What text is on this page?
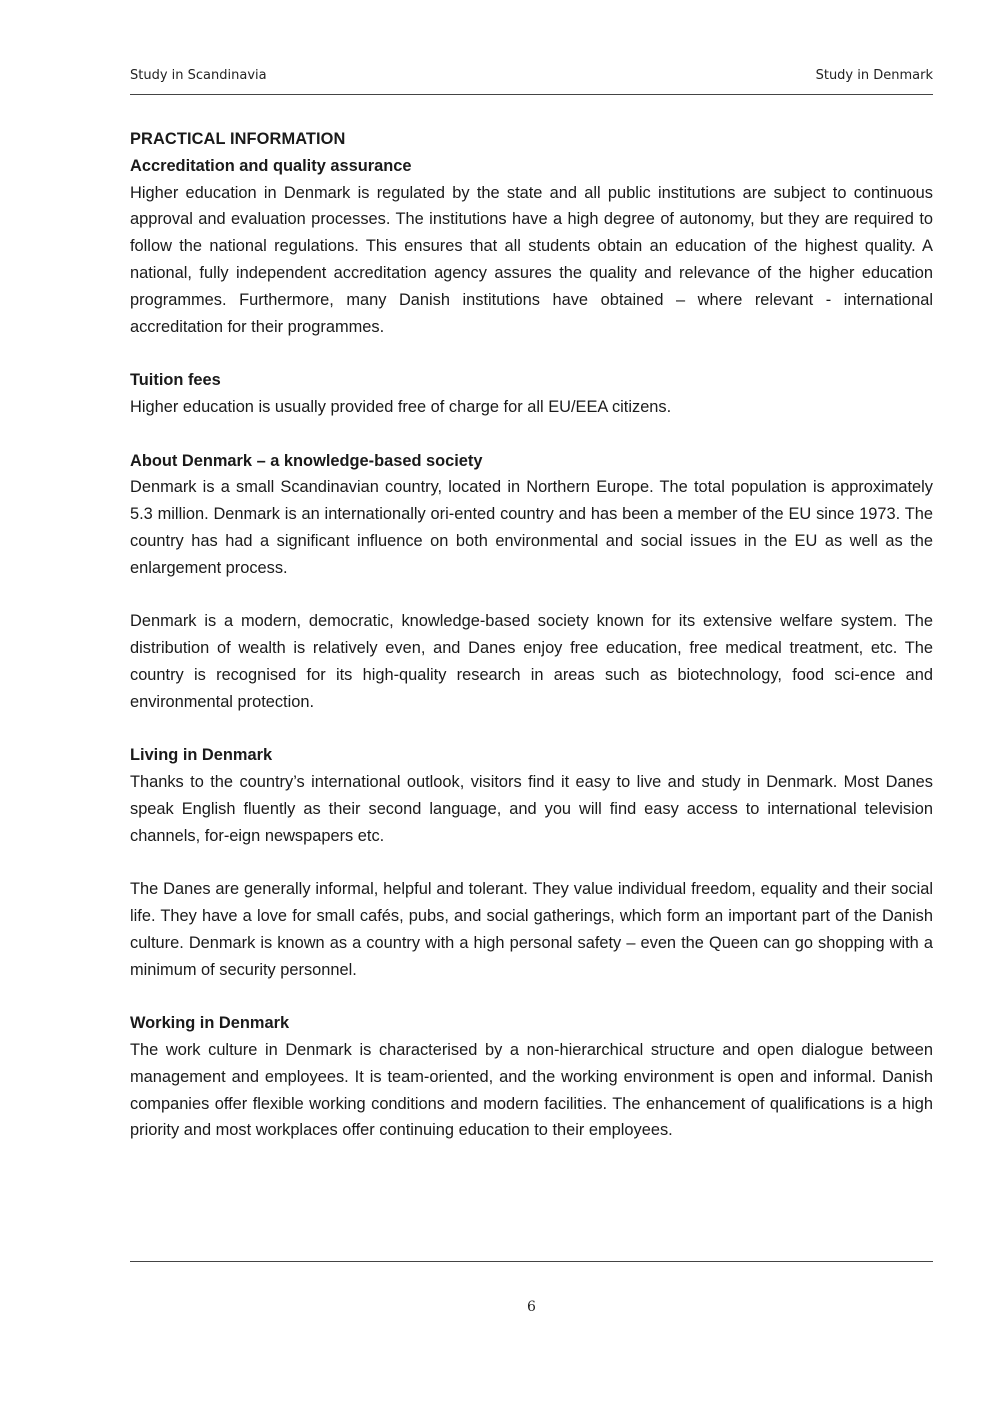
Study in Scandinavia	Study in Denmark
PRACTICAL INFORMATION
Accreditation and quality assurance

Higher education in Denmark is regulated by the state and all public institutions are subject to continuous approval and evaluation processes. The institutions have a high degree of autonomy, but they are required to follow the national regulations. This ensures that all students obtain an education of the highest quality. A national, fully independent accreditation agency assures the quality and relevance of the higher education programmes. Furthermore, many Danish institutions have obtained – where relevant - international accreditation for their programmes.

Tuition fees

Higher education is usually provided free of charge for all EU/EEA citizens.

About Denmark – a knowledge-based society

Denmark is a small Scandinavian country, located in Northern Europe. The total population is approximately 5.3 million. Denmark is an internationally ori-ented country and has been a member of the EU since 1973. The country has had a significant influence on both environmental and social issues in the EU as well as the enlargement process.

Denmark is a modern, democratic, knowledge-based society known for its extensive welfare system. The distribution of wealth is relatively even, and Danes enjoy free education, free medical treatment, etc. The country is recognised for its high-quality research in areas such as biotechnology, food sci-ence and environmental protection.

Living in Denmark

Thanks to the country’s international outlook, visitors find it easy to live and study in Denmark. Most Danes speak English fluently as their second language, and you will find easy access to international television channels, for-eign newspapers etc.

The Danes are generally informal, helpful and tolerant. They value individual freedom, equality and their social life. They have a love for small cafés, pubs, and social gatherings, which form an important part of the Danish culture. Denmark is known as a country with a high personal safety – even the Queen can go shopping with a minimum of security personnel.

Working in Denmark

The work culture in Denmark is characterised by a non-hierarchical structure and open dialogue between management and employees. It is team-oriented, and the working environment is open and informal. Danish companies offer flexible working conditions and modern facilities. The enhancement of qualifications is a high priority and most workplaces offer continuing education to their employees.

6
